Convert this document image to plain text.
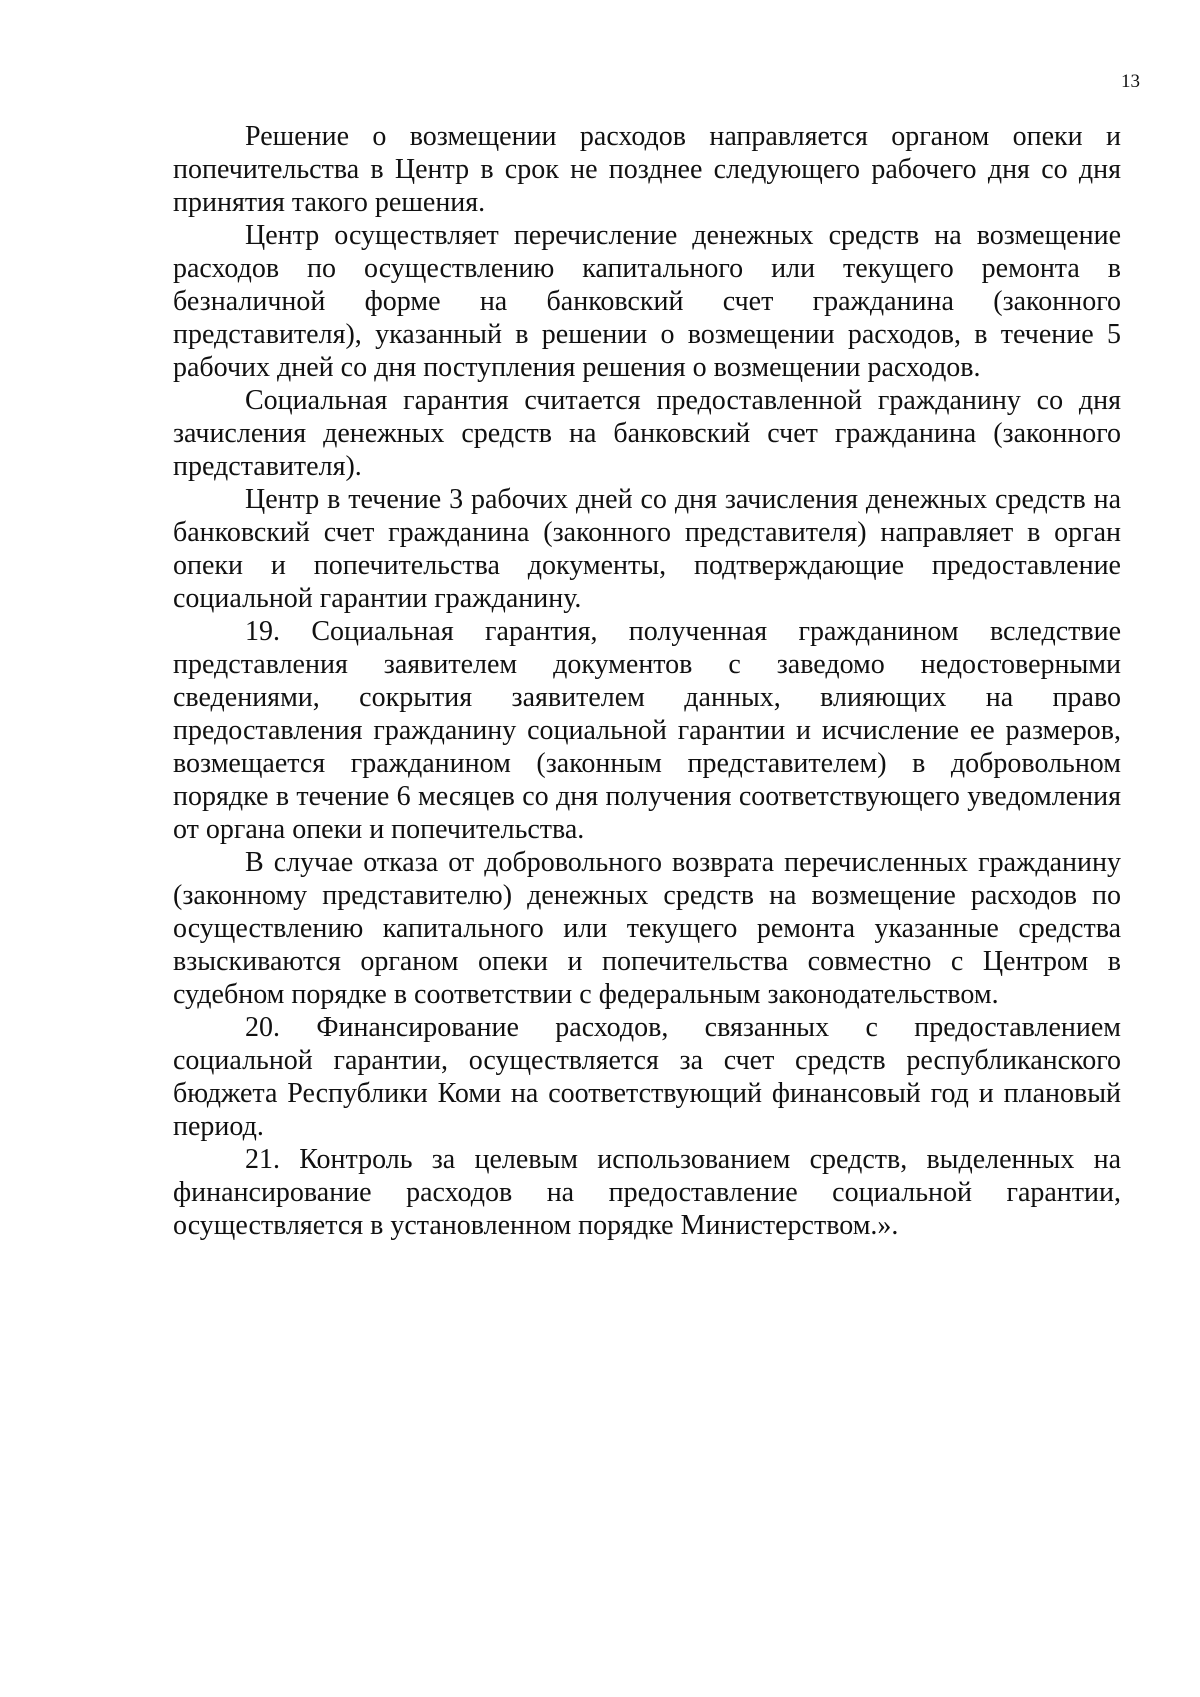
13

Решение о возмещении расходов направляется органом опеки и попечительства в Центр в срок не позднее следующего рабочего дня со дня принятия такого решения.

Центр осуществляет перечисление денежных средств на возмещение расходов по осуществлению капитального или текущего ремонта в безналичной форме на банковский счет гражданина (законного представителя), указанный в решении о возмещении расходов, в течение 5 рабочих дней со дня поступления решения о возмещении расходов.

Социальная гарантия считается предоставленной гражданину со дня зачисления денежных средств на банковский счет гражданина (законного представителя).

Центр в течение 3 рабочих дней со дня зачисления денежных средств на банковский счет гражданина (законного представителя) направляет в орган опеки и попечительства документы, подтверждающие предоставление социальной гарантии гражданину.

19. Социальная гарантия, полученная гражданином вследствие представления заявителем документов с заведомо недостоверными сведениями, сокрытия заявителем данных, влияющих на право предоставления гражданину социальной гарантии и исчисление ее размеров, возмещается гражданином (законным представителем) в добровольном порядке в течение 6 месяцев со дня получения соответствующего уведомления от органа опеки и попечительства.

В случае отказа от добровольного возврата перечисленных гражданину (законному представителю) денежных средств на возмещение расходов по осуществлению капитального или текущего ремонта указанные средства взыскиваются органом опеки и попечительства совместно с Центром в судебном порядке в соответствии с федеральным законодательством.

20. Финансирование расходов, связанных с предоставлением социальной гарантии, осуществляется за счет средств республиканского бюджета Республики Коми на соответствующий финансовый год и плановый период.

21. Контроль за целевым использованием средств, выделенных на финансирование расходов на предоставление социальной гарантии, осуществляется в установленном порядке Министерством.».
